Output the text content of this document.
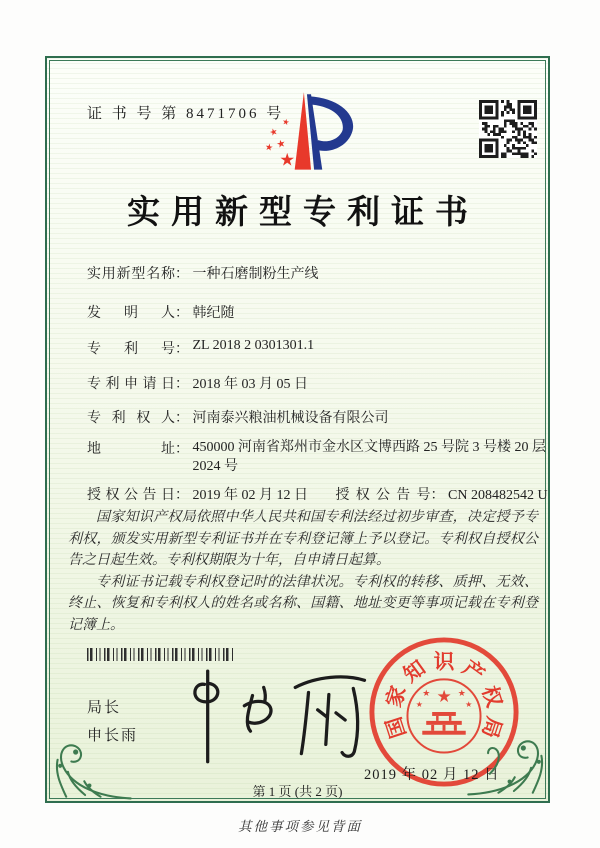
证 书 号 第 8471706 号
★
★
★
★
★
实用新型专利证书
实用新型名称： 一种石磨制粉生产线
发明人： 韩纪随
专利号： ZL 2018 2 0301301.1
专利申请日： 2018 年 03 月 05 日
专利权人： 河南泰兴粮油机械设备有限公司
地址： 450000 河南省郑州市金水区文博西路 25 号院 3 号楼 20 层 2024 号
授权公告日： 2019 年 02 月 12 日 授权公告号： CN 208482542 U

国家知识产权局依照中华人民共和国专利法经过初步审查，决定授予专利权，颁发实用新型专利证书并在专利登记簿上予以登记。专利权自授权公告之日起生效。专利权期限为十年，自申请日起算。

专利证书记载专利权登记时的法律状况。专利权的转移、质押、无效、终止、恢复和专利权人的姓名或名称、国籍、地址变更等事项记载在专利登记簿上。

局长
申长雨	国
家
知 识 产
权
局
★
★	★
★	★
2019 年 02 月 12 日
第 1 页 (共 2 页)
其他事项参见背面
